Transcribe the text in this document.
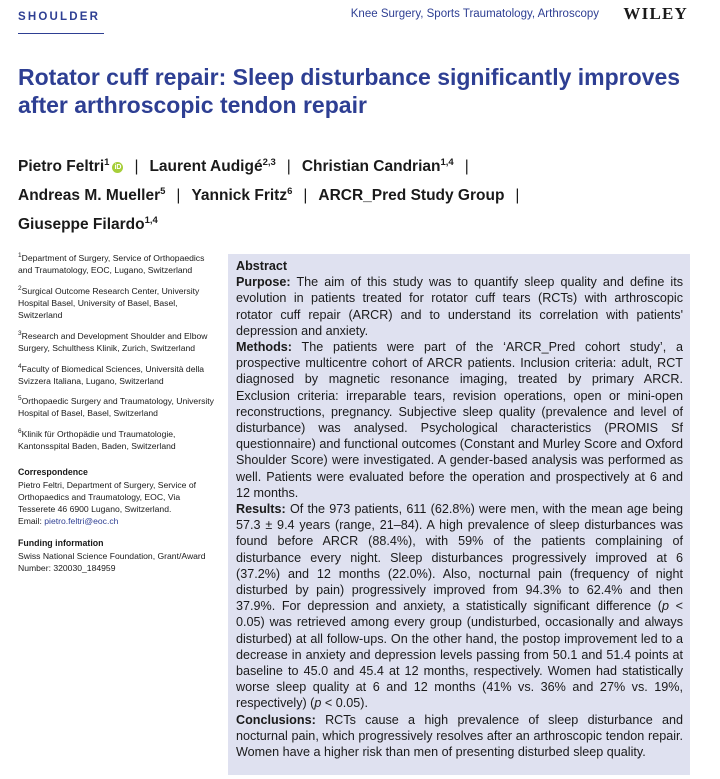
SHOULDER	Knee Surgery, Sports Traumatology, Arthroscopy WILEY
Rotator cuff repair: Sleep disturbance significantly improves after arthroscopic tendon repair
Pietro Feltri$^1$ iD | Laurent Audigé$^{2,3}$ | Christian Candrian$^{1,4}$ |
Andreas M. Mueller$^5$ | Yannick Fritz$^6$ | ARCR_Pred Study Group |
Giuseppe Filardo$^{1,4}$
$^1$Department of Surgery, Service of Orthopaedics and Traumatology, EOC, Lugano, Switzerland
$^2$Surgical Outcome Research Center, University Hospital Basel, University of Basel, Basel, Switzerland
$^3$Research and Development Shoulder and Elbow Surgery, Schulthess Klinik, Zurich, Switzerland
$^4$Faculty of Biomedical Sciences, Università della Svizzera Italiana, Lugano, Switzerland
$^5$Orthopaedic Surgery and Traumatology, University Hospital of Basel, Basel, Switzerland
$^6$Klinik für Orthopädie und Traumatologie, Kantonsspital Baden, Baden, Switzerland
Correspondence
Pietro Feltri, Department of Surgery, Service of Orthopaedics and Traumatology, EOC, Via Tesserete 46 6900 Lugano, Switzerland.
Email: pietro.feltri@eoc.ch
Funding information
Swiss National Science Foundation, Grant/Award Number: 320030_184959

Abstract

Purpose: The aim of this study was to quantify sleep quality and define its evolution in patients treated for rotator cuff tears (RCTs) with arthroscopic rotator cuff repair (ARCR) and to understand its correlation with patients' depression and anxiety.

Methods: The patients were part of the ‘ARCR_Pred cohort study’, a prospective multicentre cohort of ARCR patients. Inclusion criteria: adult, RCT diagnosed by magnetic resonance imaging, treated by primary ARCR. Exclusion criteria: irreparable tears, revision operations, open or mini-open reconstructions, pregnancy. Subjective sleep quality (prevalence and level of disturbance) was analysed. Psychological characteristics (PROMIS Sf questionnaire) and functional outcomes (Constant and Murley Score and Oxford Shoulder Score) were investigated. A gender-based analysis was performed as well. Patients were evaluated before the operation and prospectively at 6 and 12 months.

Results: Of the 973 patients, 611 (62.8%) were men, with the mean age being 57.3 ± 9.4 years (range, 21–84). A high prevalence of sleep disturbances was found before ARCR (88.4%), with 59% of the patients complaining of disturbance every night. Sleep disturbances progressively improved at 6 (37.2%) and 12 months (22.0%). Also, nocturnal pain (frequency of night disturbed by pain) progressively improved from 94.3% to 62.4% and then 37.9%. For depression and anxiety, a statistically significant difference (p < 0.05) was retrieved among every group (undisturbed, occasionally and always disturbed) at all follow-ups. On the other hand, the postop improvement led to a decrease in anxiety and depression levels passing from 50.1 and 51.4 points at baseline to 45.0 and 45.4 at 12 months, respectively. Women had statistically worse sleep quality at 6 and 12 months (41% vs. 36% and 27% vs. 19%, respectively) (p < 0.05).

Conclusions: RCTs cause a high prevalence of sleep disturbance and nocturnal pain, which progressively resolves after an arthroscopic tendon repair. Women have a higher risk than men of presenting disturbed sleep quality.
